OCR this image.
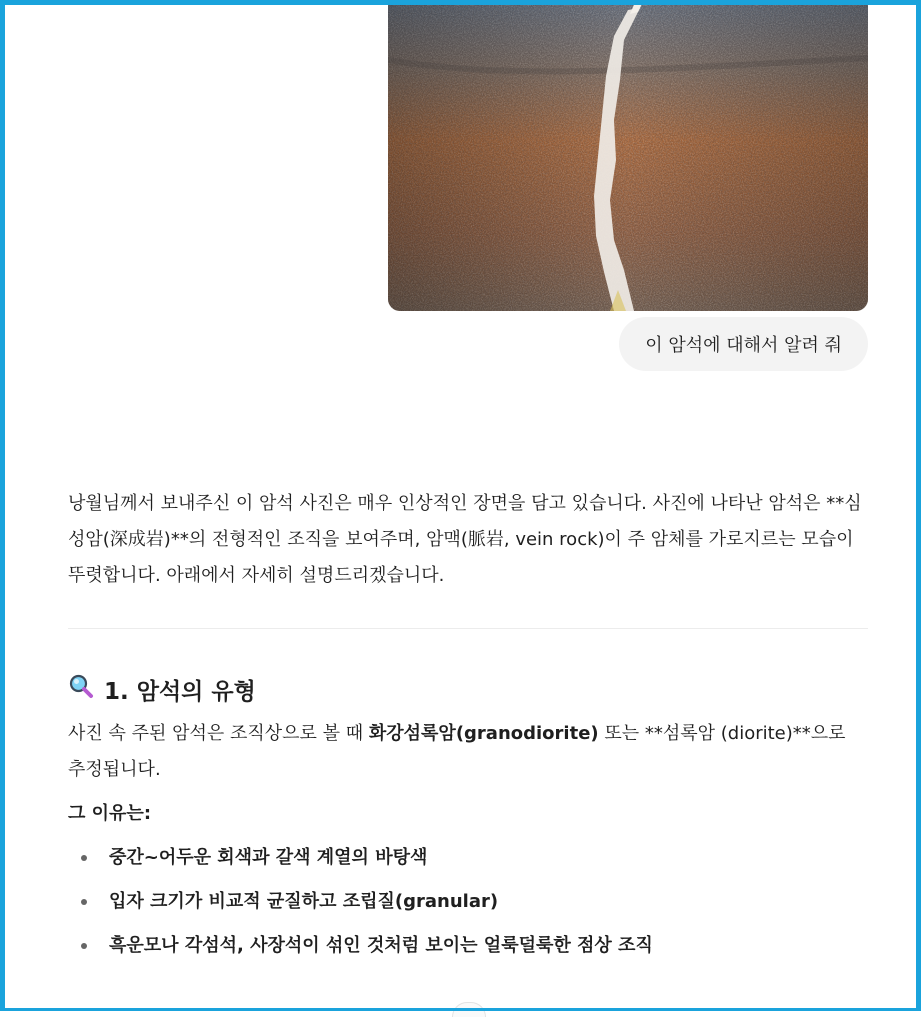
이 암석에 대해서 알려 줘

낭월님께서 보내주신 이 암석 사진은 매우 인상적인 장면을 담고 있습니다. 사진에 나타난 암석은 **심성암(深成岩)**의 전형적인 조직을 보여주며, 암맥(脈岩, vein rock)이 주 암체를 가로지르는 모습이 뚜렷합니다. 아래에서 자세히 설명드리겠습니다.

1. 암석의 유형

사진 속 주된 암석은 조직상으로 볼 때 화강섬록암(granodiorite) 또는 **섬록암 (diorite)**으로 추정됩니다.

그 이유는:

중간~어두운 회색과 갈색 계열의 바탕색
입자 크기가 비교적 균질하고 조립질(granular)
흑운모나 각섬석, 사장석이 섞인 것처럼 보이는 얼룩덜룩한 점상 조직
